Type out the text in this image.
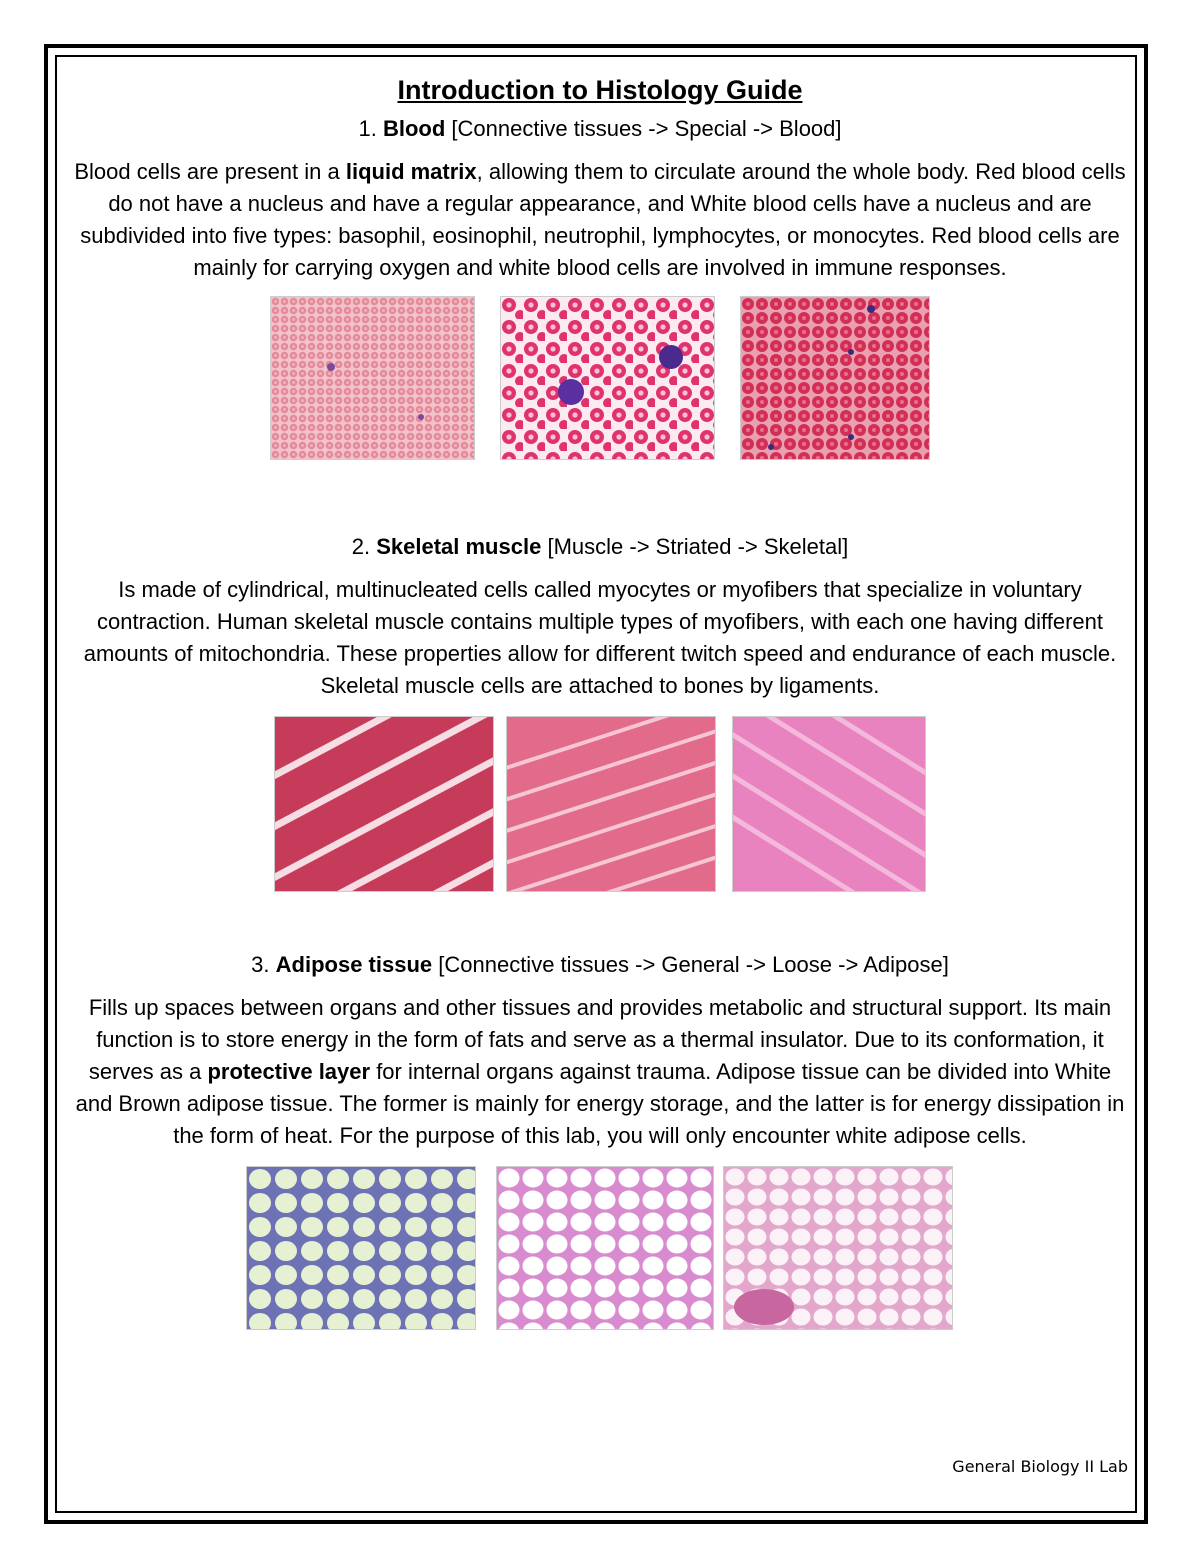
Introduction to Histology Guide

1. Blood [Connective tissues -> Special -> Blood]

Blood cells are present in a liquid matrix, allowing them to circulate around the whole body. Red blood cells do not have a nucleus and have a regular appearance, and White blood cells have a nucleus and are subdivided into five types: basophil, eosinophil, neutrophil, lymphocytes, or monocytes. Red blood cells are mainly for carrying oxygen and white blood cells are involved in immune responses.

2. Skeletal muscle [Muscle -> Striated -> Skeletal]

Is made of cylindrical, multinucleated cells called myocytes or myofibers that specialize in voluntary contraction. Human skeletal muscle contains multiple types of myofibers, with each one having different amounts of mitochondria. These properties allow for different twitch speed and endurance of each muscle. Skeletal muscle cells are attached to bones by ligaments.

3. Adipose tissue [Connective tissues -> General -> Loose -> Adipose]

Fills up spaces between organs and other tissues and provides metabolic and structural support. Its main function is to store energy in the form of fats and serve as a thermal insulator. Due to its conformation, it serves as a protective layer for internal organs against trauma. Adipose tissue can be divided into White and Brown adipose tissue. The former is mainly for energy storage, and the latter is for energy dissipation in the form of heat. For the purpose of this lab, you will only encounter white adipose cells.

General Biology II Lab
